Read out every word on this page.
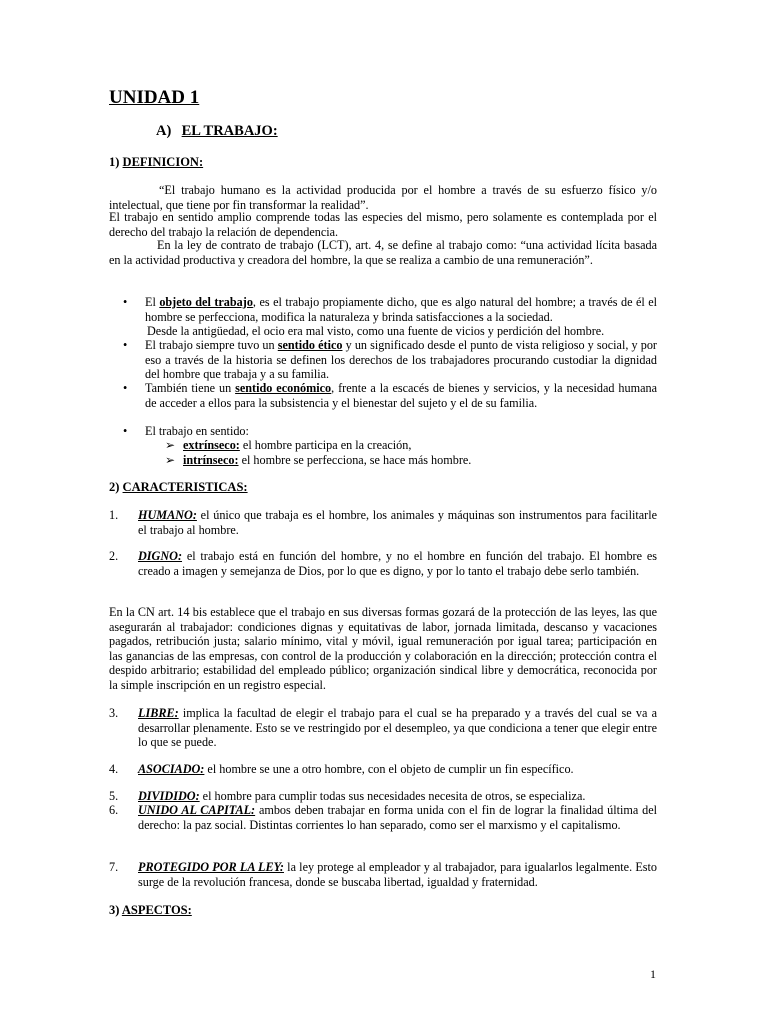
UNIDAD 1
A) EL TRABAJO:
1) DEFINICION:
“El trabajo humano es la actividad producida por el hombre a través de su esfuerzo físico y/o intelectual, que tiene por fin transformar la realidad”.
El trabajo en sentido amplio comprende todas las especies del mismo, pero solamente es contemplada por el derecho del trabajo la relación de dependencia.
En la ley de contrato de trabajo (LCT), art. 4, se define al trabajo como: “una actividad lícita basada en la actividad productiva y creadora del hombre, la que se realiza a cambio de una remuneración”.
• El objeto del trabajo, es el trabajo propiamente dicho, que es algo natural del hombre; a través de él el hombre se perfecciona, modifica la naturaleza y brinda satisfacciones a la sociedad.
Desde la antigüedad, el ocio era mal visto, como una fuente de vicios y perdición del hombre.
• El trabajo siempre tuvo un sentido ético y un significado desde el punto de vista religioso y social, y por eso a través de la historia se definen los derechos de los trabajadores procurando custodiar la dignidad del hombre que trabaja y a su familia.
• También tiene un sentido económico, frente a la escacés de bienes y servicios, y la necesidad humana de acceder a ellos para la subsistencia y el bienestar del sujeto y el de su familia.
• El trabajo en sentido:
➢ extrínseco: el hombre participa en la creación,
➢ intrínseco: el hombre se perfecciona, se hace más hombre.
2) CARACTERISTICAS:
1. HUMANO: el único que trabaja es el hombre, los animales y máquinas son instrumentos para facilitarle el trabajo al hombre.
2. DIGNO: el trabajo está en función del hombre, y no el hombre en función del trabajo. El hombre es creado a imagen y semejanza de Dios, por lo que es digno, y por lo tanto el trabajo debe serlo también.
En la CN art. 14 bis establece que el trabajo en sus diversas formas gozará de la protección de las leyes, las que asegurarán al trabajador: condiciones dignas y equitativas de labor, jornada limitada, descanso y vacaciones pagados, retribución justa; salario mínimo, vital y móvil, igual remuneración por igual tarea; participación en las ganancias de las empresas, con control de la producción y colaboración en la dirección; protección contra el despido arbitrario; estabilidad del empleado público; organización sindical libre y democrática, reconocida por la simple inscripción en un registro especial.
3. LIBRE: implica la facultad de elegir el trabajo para el cual se ha preparado y a través del cual se va a desarrollar plenamente. Esto se ve restringido por el desempleo, ya que condiciona a tener que elegir entre lo que se puede.
4. ASOCIADO: el hombre se une a otro hombre, con el objeto de cumplir un fin específico.
5. DIVIDIDO: el hombre para cumplir todas sus necesidades necesita de otros, se especializa.
6. UNIDO AL CAPITAL: ambos deben trabajar en forma unida con el fin de lograr la finalidad última del derecho: la paz social. Distintas corrientes lo han separado, como ser el marxismo y el capitalismo.
7. PROTEGIDO POR LA LEY: la ley protege al empleador y al trabajador, para igualarlos legalmente. Esto surge de la revolución francesa, donde se buscaba libertad, igualdad y fraternidad.
3) ASPECTOS:
1
